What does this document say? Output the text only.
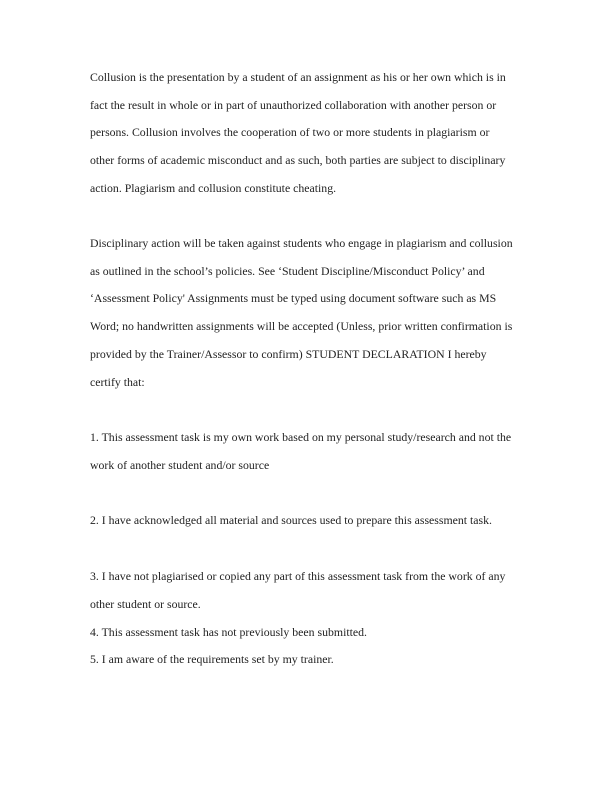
Collusion is the presentation by a student of an assignment as his or her own which is in
fact the result in whole or in part of unauthorized collaboration with another person or
persons. Collusion involves the cooperation of two or more students in plagiarism or
other forms of academic misconduct and as such, both parties are subject to disciplinary
action. Plagiarism and collusion constitute cheating.

Disciplinary action will be taken against students who engage in plagiarism and collusion
as outlined in the school’s policies. See ‘Student Discipline/Misconduct Policy’ and
‘Assessment Policy' Assignments must be typed using document software such as MS
Word; no handwritten assignments will be accepted (Unless, prior written confirmation is
provided by the Trainer/Assessor to confirm) STUDENT DECLARATION I hereby
certify that:

1. This assessment task is my own work based on my personal study/research and not the
work of another student and/or source

2. I have acknowledged all material and sources used to prepare this assessment task.

3. I have not plagiarised or copied any part of this assessment task from the work of any
other student or source.

4. This assessment task has not previously been submitted.

5. I am aware of the requirements set by my trainer.
